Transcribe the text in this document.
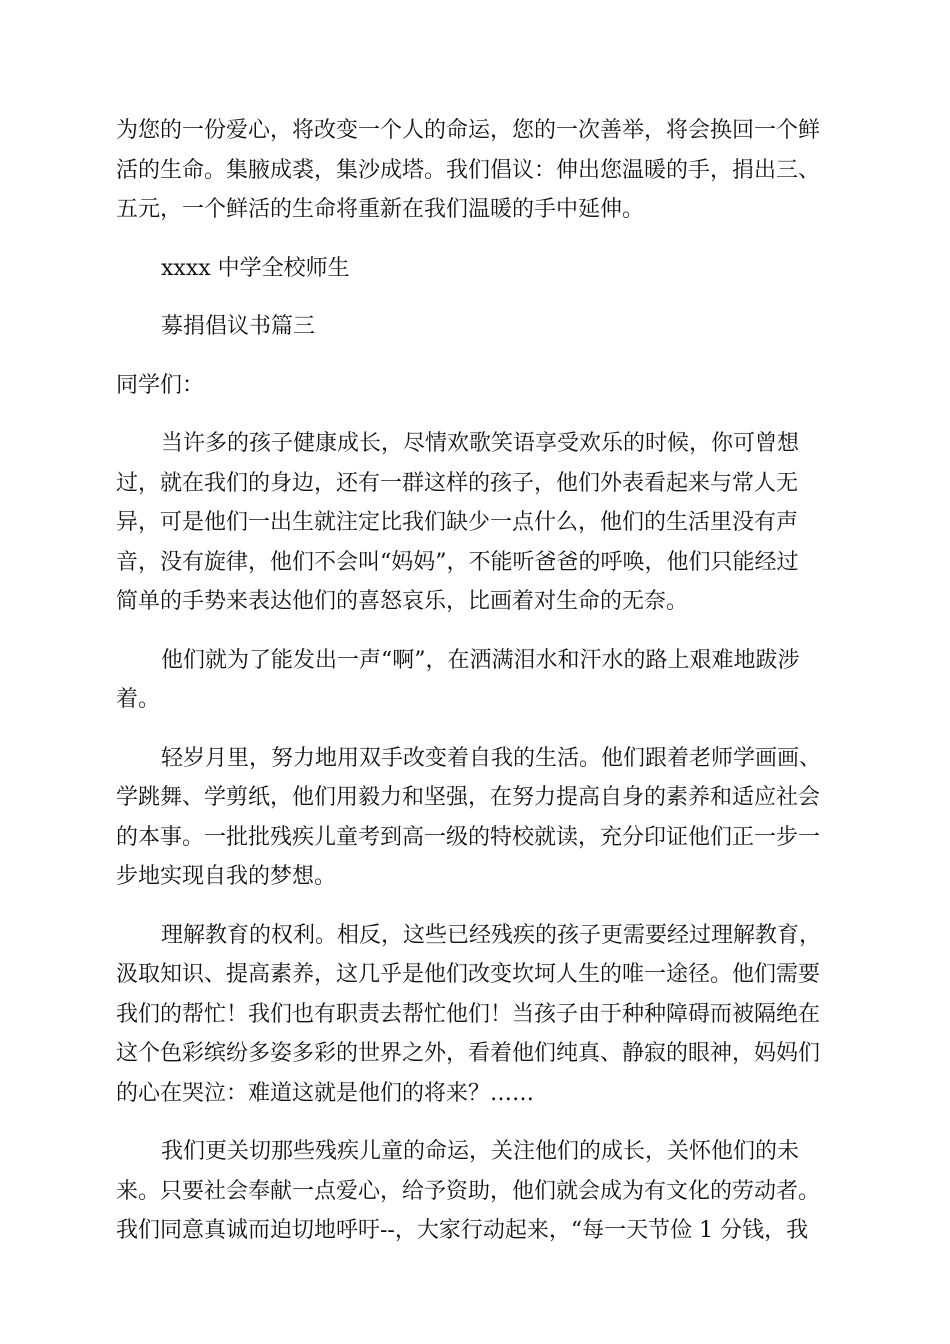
为您的一份爱心，将改变一个人的命运，您的一次善举，将会换回一个鲜
活的生命。集腋成裘，集沙成塔。我们倡议：伸出您温暖的手，捐出三、
五元，一个鲜活的生命将重新在我们温暖的手中延伸。

xxxx 中学全校师生

募捐倡议书篇三

同学们：

当许多的孩子健康成长，尽情欢歌笑语享受欢乐的时候，你可曾想
过，就在我们的身边，还有一群这样的孩子，他们外表看起来与常人无
异，可是他们一出生就注定比我们缺少一点什么，他们的生活里没有声
音，没有旋律，他们不会叫“妈妈”，不能听爸爸的呼唤，他们只能经过
简单的手势来表达他们的喜怒哀乐，比画着对生命的无奈。

他们就为了能发出一声“啊”，在洒满泪水和汗水的路上艰难地跋涉
着。

轻岁月里，努力地用双手改变着自我的生活。他们跟着老师学画画、
学跳舞、学剪纸，他们用毅力和坚强，在努力提高自身的素养和适应社会
的本事。一批批残疾儿童考到高一级的特校就读，充分印证他们正一步一
步地实现自我的梦想。

理解教育的权利。相反，这些已经残疾的孩子更需要经过理解教育，
汲取知识、提高素养，这几乎是他们改变坎坷人生的唯一途径。他们需要
我们的帮忙！我们也有职责去帮忙他们！当孩子由于种种障碍而被隔绝在
这个色彩缤纷多姿多彩的世界之外，看着他们纯真、静寂的眼神，妈妈们
的心在哭泣：难道这就是他们的将来？……

我们更关切那些残疾儿童的命运，关注他们的成长，关怀他们的未
来。只要社会奉献一点爱心，给予资助，他们就会成为有文化的劳动者。
我们同意真诚而迫切地呼吁--，大家行动起来，“每一天节俭 1 分钱，我
